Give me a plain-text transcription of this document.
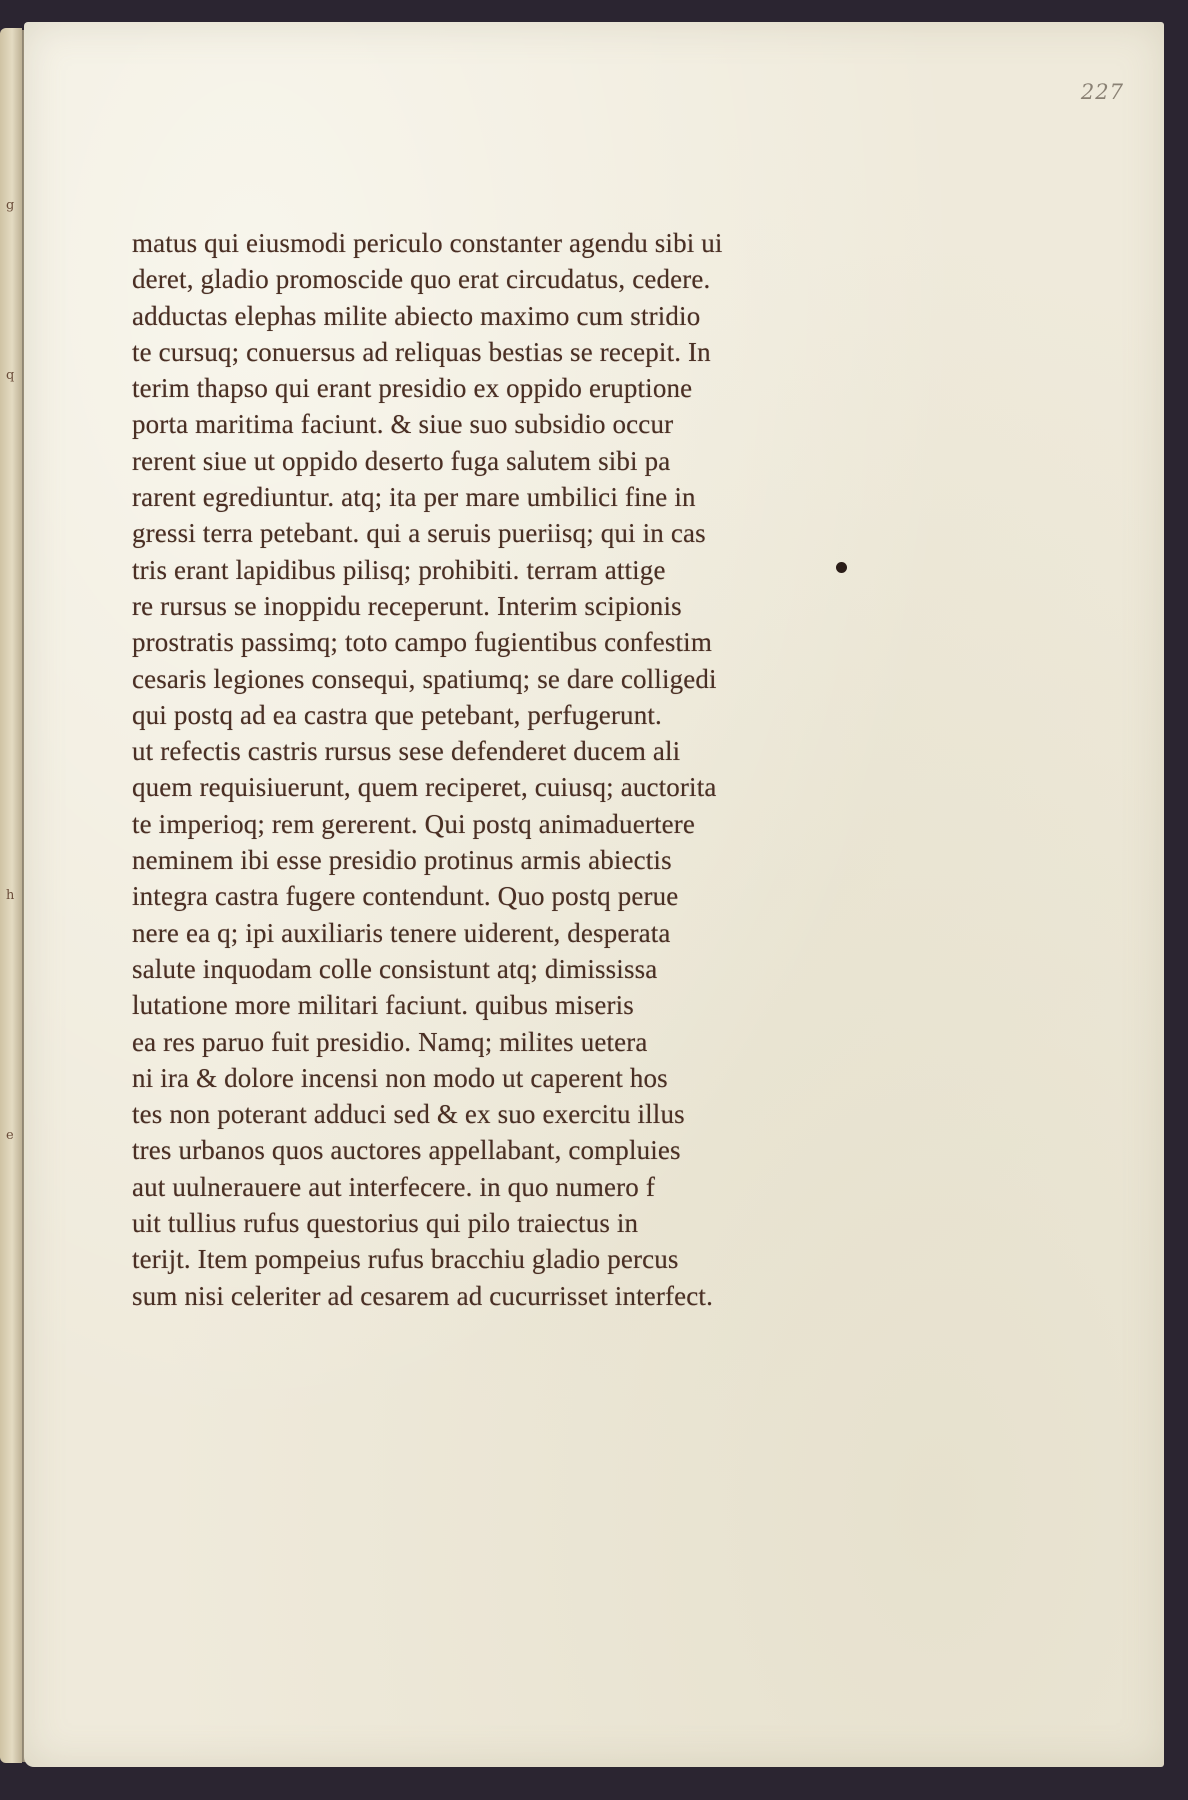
g
q
h
e
227
matus qui eiusmodi periculo constanter agendu sibi ui
deret, gladio promoscide quo erat circudatus, cedere.
adductas elephas milite abiecto maximo cum stridio
te cursuq; conuersus ad reliquas bestias se recepit. In
terim thapso qui erant presidio ex oppido eruptione
porta maritima faciunt. & siue suo subsidio occur
rerent siue ut oppido deserto fuga salutem sibi pa
rarent egrediuntur. atq; ita per mare umbilici fine in
gressi terra petebant. qui a seruis pueriisq; qui in cas
tris erant lapidibus pilisq; prohibiti. terram attige
re rursus se inoppidu receperunt. Interim scipionis
prostratis passimq; toto campo fugientibus confestim
cesaris legiones consequi, spatiumq; se dare colligedi
qui postq ad ea castra que petebant, perfugerunt.
ut refectis castris rursus sese defenderet ducem ali
quem requisiuerunt, quem reciperet, cuiusq; auctorita
te imperioq; rem gererent. Qui postq animaduertere
neminem ibi esse presidio protinus armis abiectis
integra castra fugere contendunt. Quo postq perue
nere ea q; ipi auxiliaris tenere uiderent, desperata
salute inquodam colle consistunt atq; dimississa
lutatione more militari faciunt. quibus miseris
ea res paruo fuit presidio. Namq; milites uetera
ni ira & dolore incensi non modo ut caperent hos
tes non poterant adduci sed & ex suo exercitu illus
tres urbanos quos auctores appellabant, compluies
aut uulnerauere aut interfecere. in quo numero f
uit tullius rufus questorius qui pilo traiectus in
terijt. Item pompeius rufus bracchiu gladio percus
sum nisi celeriter ad cesarem ad cucurrisset interfect.
